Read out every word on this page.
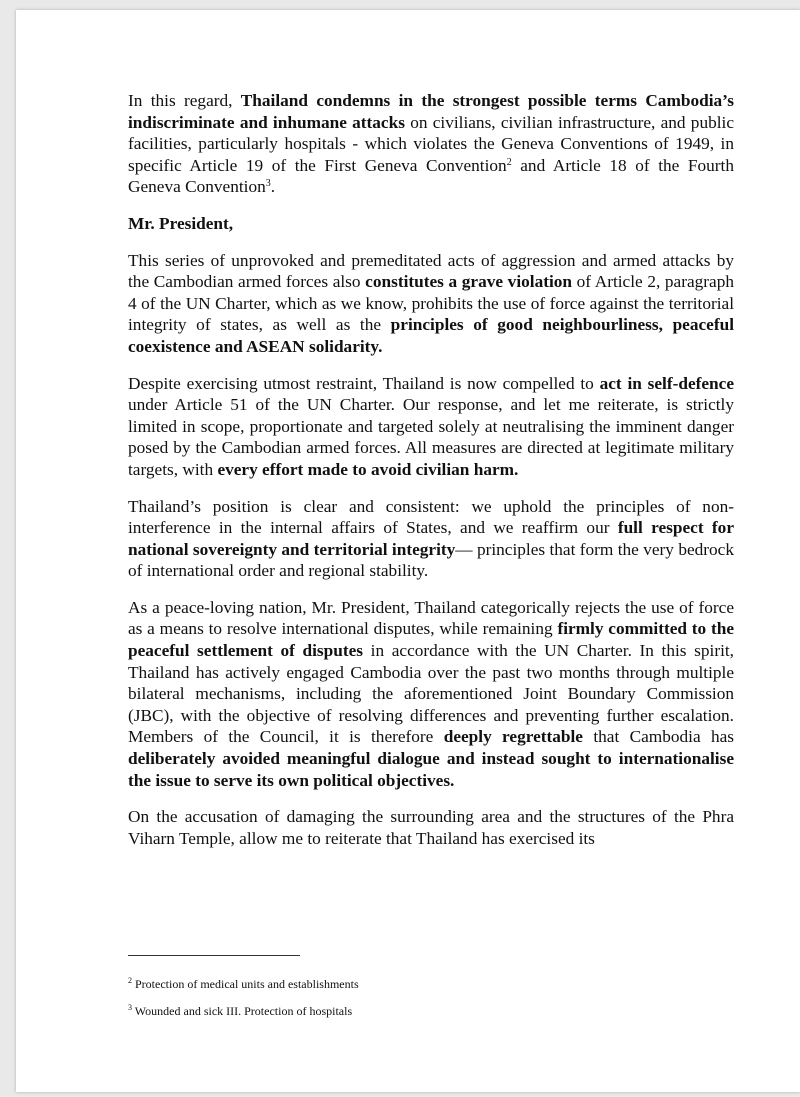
In this regard, Thailand condemns in the strongest possible terms Cambodia’s indiscriminate and inhumane attacks on civilians, civilian infrastructure, and public facilities, particularly hospitals - which violates the Geneva Conventions of 1949, in specific Article 19 of the First Geneva Convention$^2$ and Article 18 of the Fourth Geneva Convention$^3$.

Mr. President,

This series of unprovoked and premeditated acts of aggression and armed attacks by the Cambodian armed forces also constitutes a grave violation of Article 2, paragraph 4 of the UN Charter, which as we know, prohibits the use of force against the territorial integrity of states, as well as the principles of good neighbourliness, peaceful coexistence and ASEAN solidarity.

Despite exercising utmost restraint, Thailand is now compelled to act in self-defence under Article 51 of the UN Charter. Our response, and let me reiterate, is strictly limited in scope, proportionate and targeted solely at neutralising the imminent danger posed by the Cambodian armed forces. All measures are directed at legitimate military targets, with every effort made to avoid civilian harm.

Thailand’s position is clear and consistent: we uphold the principles of non-interference in the internal affairs of States, and we reaffirm our full respect for national sovereignty and territorial integrity— principles that form the very bedrock of international order and regional stability.

As a peace-loving nation, Mr. President, Thailand categorically rejects the use of force as a means to resolve international disputes, while remaining firmly committed to the peaceful settlement of disputes in accordance with the UN Charter. In this spirit, Thailand has actively engaged Cambodia over the past two months through multiple bilateral mechanisms, including the aforementioned Joint Boundary Commission (JBC), with the objective of resolving differences and preventing further escalation. Members of the Council, it is therefore deeply regrettable that Cambodia has deliberately avoided meaningful dialogue and instead sought to internationalise the issue to serve its own political objectives.

On the accusation of damaging the surrounding area and the structures of the Phra Viharn Temple, allow me to reiterate that Thailand has exercised its

$^2$ Protection of medical units and establishments
$^3$ Wounded and sick III. Protection of hospitals
